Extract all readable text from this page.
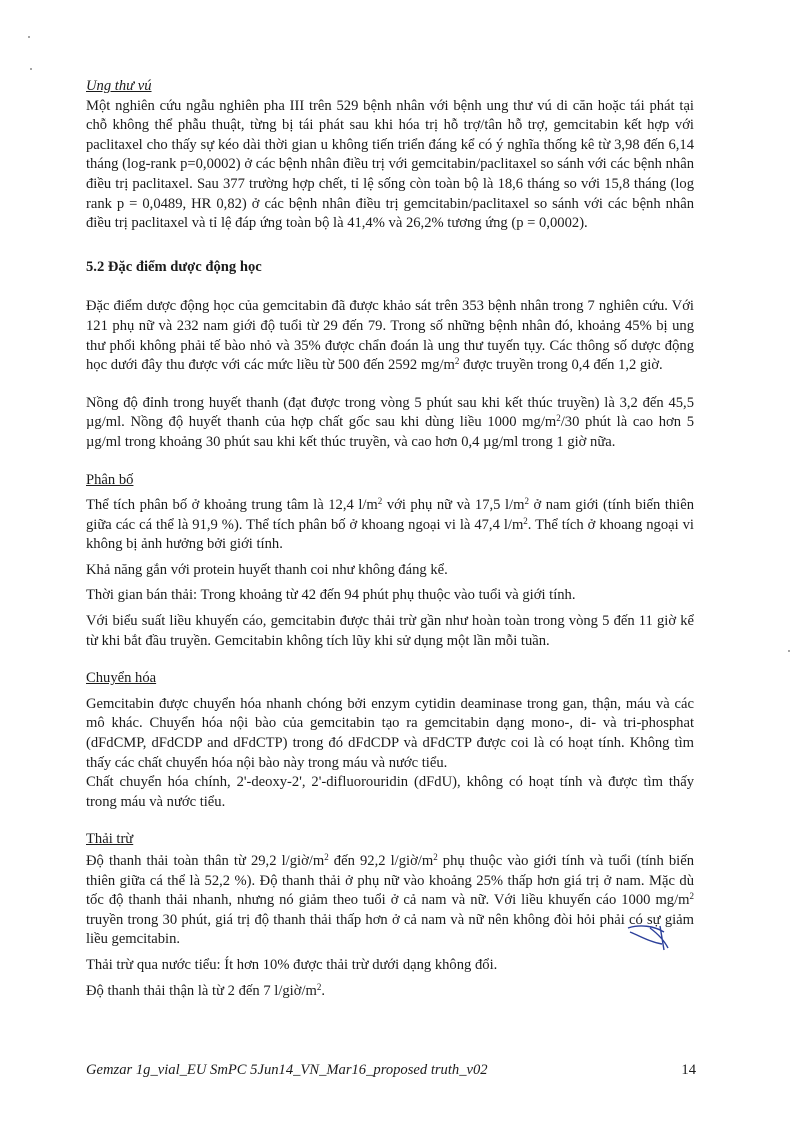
Ung thư vú

Một nghiên cứu ngẫu nghiên pha III trên 529 bệnh nhân với bệnh ung thư vú di căn hoặc tái phát tại chỗ không thể phẫu thuật, từng bị tái phát sau khi hóa trị hỗ trợ/tân hỗ trợ, gemcitabin kết hợp với paclitaxel cho thấy sự kéo dài thời gian u không tiến triển đáng kể có ý nghĩa thống kê từ 3,98 đến 6,14 tháng (log-rank p=0,0002) ở các bệnh nhân điều trị với gemcitabin/paclitaxel so sánh với các bệnh nhân điều trị paclitaxel. Sau 377 trường hợp chết, tỉ lệ sống còn toàn bộ là 18,6 tháng so với 15,8 tháng (log rank p = 0,0489, HR 0,82) ở các bệnh nhân điều trị gemcitabin/paclitaxel so sánh với các bệnh nhân điều trị paclitaxel và tỉ lệ đáp ứng toàn bộ là 41,4% và 26,2% tương ứng (p = 0,0002).

5.2 Đặc điểm dược động học

Đặc điểm dược động học của gemcitabin đã được khảo sát trên 353 bệnh nhân trong 7 nghiên cứu. Với 121 phụ nữ và 232 nam giới độ tuổi từ 29 đến 79. Trong số những bệnh nhân đó, khoảng 45% bị ung thư phổi không phải tế bào nhỏ và 35% được chẩn đoán là ung thư tuyến tụy. Các thông số dược động học dưới đây thu được với các mức liều từ 500 đến 2592 $mg/m^2$ được truyền trong 0,4 đến 1,2 giờ.

Nồng độ đỉnh trong huyết thanh (đạt được trong vòng 5 phút sau khi kết thúc truyền) là 3,2 đến 45,5 µg/ml. Nồng độ huyết thanh của hợp chất gốc sau khi dùng liều 1000 $mg/m^2/30$ phút là cao hơn 5 µg/ml trong khoảng 30 phút sau khi kết thúc truyền, và cao hơn 0,4 µg/ml trong 1 giờ nữa.

Phân bố

Thể tích phân bố ở khoảng trung tâm là 12,4 $l/m^2$ với phụ nữ và 17,5 $l/m^2$ ở nam giới (tính biến thiên giữa các cá thể là 91,9 %). Thể tích phân bố ở khoang ngoại vi là 47,4 $l/m^2$. Thể tích ở khoang ngoại vi không bị ảnh hưởng bởi giới tính.

Khả năng gắn với protein huyết thanh coi như không đáng kể.

Thời gian bán thải: Trong khoảng từ 42 đến 94 phút phụ thuộc vào tuổi và giới tính.

Với biểu suất liều khuyến cáo, gemcitabin được thải trừ gần như hoàn toàn trong vòng 5 đến 11 giờ kể từ khi bắt đầu truyền. Gemcitabin không tích lũy khi sử dụng một lần mỗi tuần.

Chuyển hóa

Gemcitabin được chuyển hóa nhanh chóng bởi enzym cytidin deaminase trong gan, thận, máu và các mô khác. Chuyển hóa nội bào của gemcitabin tạo ra gemcitabin dạng mono-, di- và tri-phosphat (dFdCMP, dFdCDP and dFdCTP) trong đó dFdCDP và dFdCTP được coi là có hoạt tính. Không tìm thấy các chất chuyển hóa nội bào này trong máu và nước tiểu.

Chất chuyển hóa chính, 2'-deoxy-2', 2'-difluorouridin (dFdU), không có hoạt tính và được tìm thấy trong máu và nước tiểu.

Thải trừ

Độ thanh thải toàn thân từ 29,2 $l/giờ/m^2$ đến 92,2 $l/giờ/m^2$ phụ thuộc vào giới tính và tuổi (tính biến thiên giữa cá thể là 52,2 %). Độ thanh thải ở phụ nữ vào khoảng 25% thấp hơn giá trị ở nam. Mặc dù tốc độ thanh thải nhanh, nhưng nó giảm theo tuổi ở cả nam và nữ. Với liều khuyến cáo 1000 $mg/m^2$ truyền trong 30 phút, giá trị độ thanh thải thấp hơn ở cả nam và nữ nên không đòi hỏi phải có sự giảm liều gemcitabin.

Thải trừ qua nước tiểu: Ít hơn 10% được thải trừ dưới dạng không đổi.

Độ thanh thải thận là từ 2 đến 7 $l/giờ/m^2$.

Gemzar 1g_vial_EU SmPC 5Jun14_VN_Mar16_proposed truth_v02	14
